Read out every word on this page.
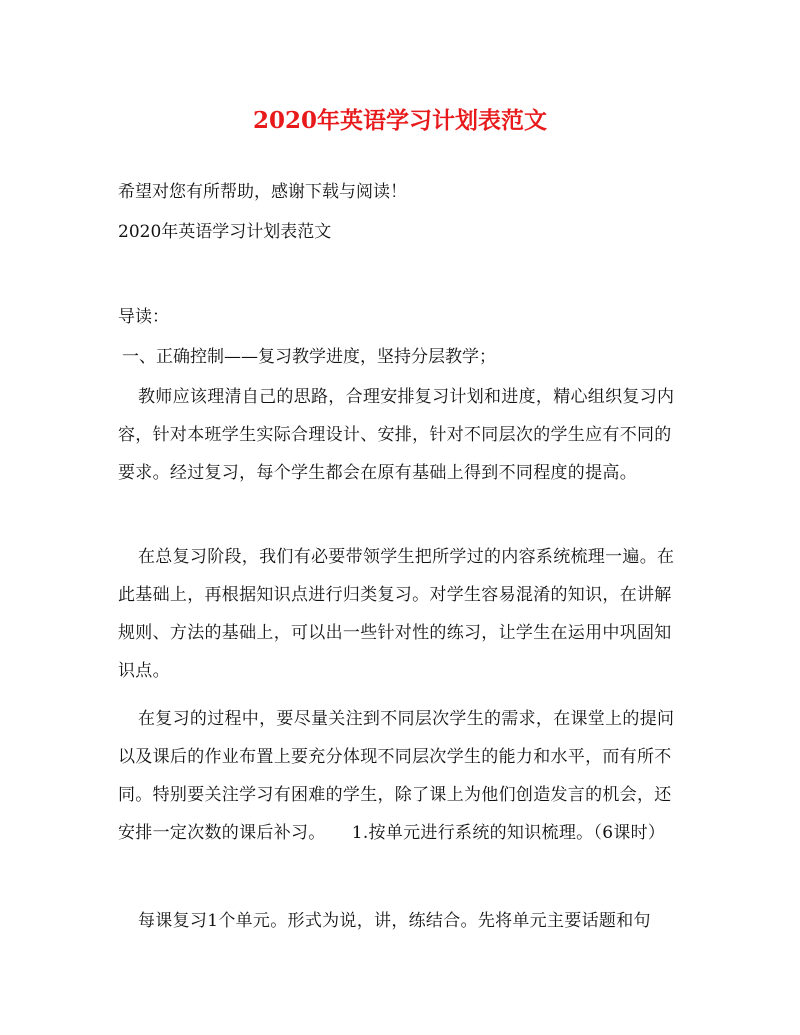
2020年英语学习计划表范文
希望对您有所帮助，感谢下载与阅读！
2020年英语学习计划表范文
导读：
一、正确控制——复习教学进度，坚持分层教学；
教师应该理清自己的思路，合理安排复习计划和进度，精心组织复习内容，针对本班学生实际合理设计、安排，针对不同层次的学生应有不同的要求。经过复习，每个学生都会在原有基础上得到不同程度的提高。
在总复习阶段，我们有必要带领学生把所学过的内容系统梳理一遍。在此基础上，再根据知识点进行归类复习。对学生容易混淆的知识，在讲解规则、方法的基础上，可以出一些针对性的练习，让学生在运用中巩固知识点。
在复习的过程中，要尽量关注到不同层次学生的需求，在课堂上的提问以及课后的作业布置上要充分体现不同层次学生的能力和水平，而有所不同。特别要关注学习有困难的学生，除了课上为他们创造发言的机会，还安排一定次数的课后补习。　　1.按单元进行系统的知识梳理。（6课时）
每课复习1个单元。形式为说，讲，练结合。先将单元主要话题和句
